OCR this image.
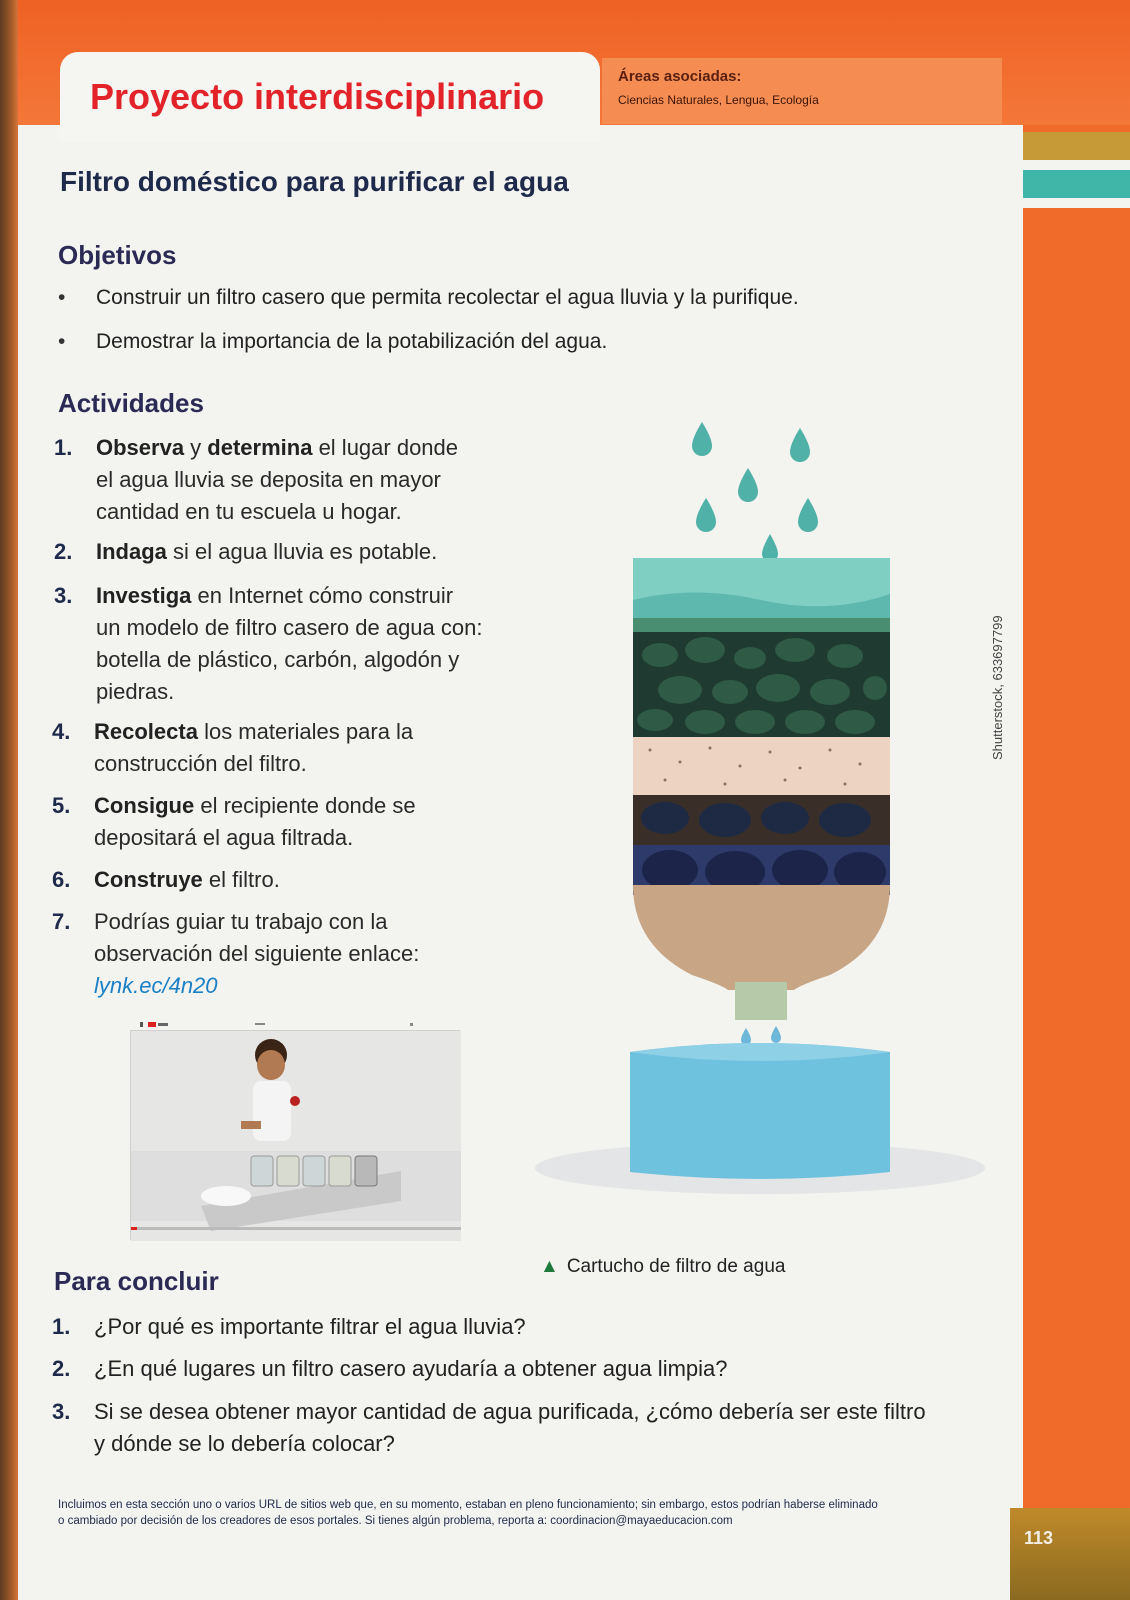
Proyecto interdisciplinario	Áreas asociadas:
Ciencias Naturales, Lengua, Ecología
Filtro doméstico para purificar el agua
Objetivos
• Construir un filtro casero que permita recolectar el agua lluvia y la purifique.
• Demostrar la importancia de la potabilización del agua.
Actividades
1. Observa y determina el lugar donde
el agua lluvia se deposita en mayor
cantidad en tu escuela u hogar.
2. Indaga si el agua lluvia es potable.
3. Investiga en Internet cómo construir
un modelo de filtro casero de agua con:
botella de plástico, carbón, algodón y
piedras.
4. Recolecta los materiales para la
construcción del filtro.
5. Consigue el recipiente donde se
depositará el agua filtrada.
6. Construye el filtro.
7. Podrías guiar tu trabajo con la
observación del siguiente enlace:
lynk.ec/4n20
Shutterstock, 633697799
▲ Cartucho de filtro de agua
Para concluir
1. ¿Por qué es importante filtrar el agua lluvia?
2. ¿En qué lugares un filtro casero ayudaría a obtener agua limpia?
3. Si se desea obtener mayor cantidad de agua purificada, ¿cómo debería ser este filtro
y dónde se lo debería colocar?
Incluimos en esta sección uno o varios URL de sitios web que, en su momento, estaban en pleno funcionamiento; sin embargo, estos podrían haberse eliminado
o cambiado por decisión de los creadores de esos portales. Si tienes algún problema, reporta a: coordinacion@mayaeducacion.com
113
